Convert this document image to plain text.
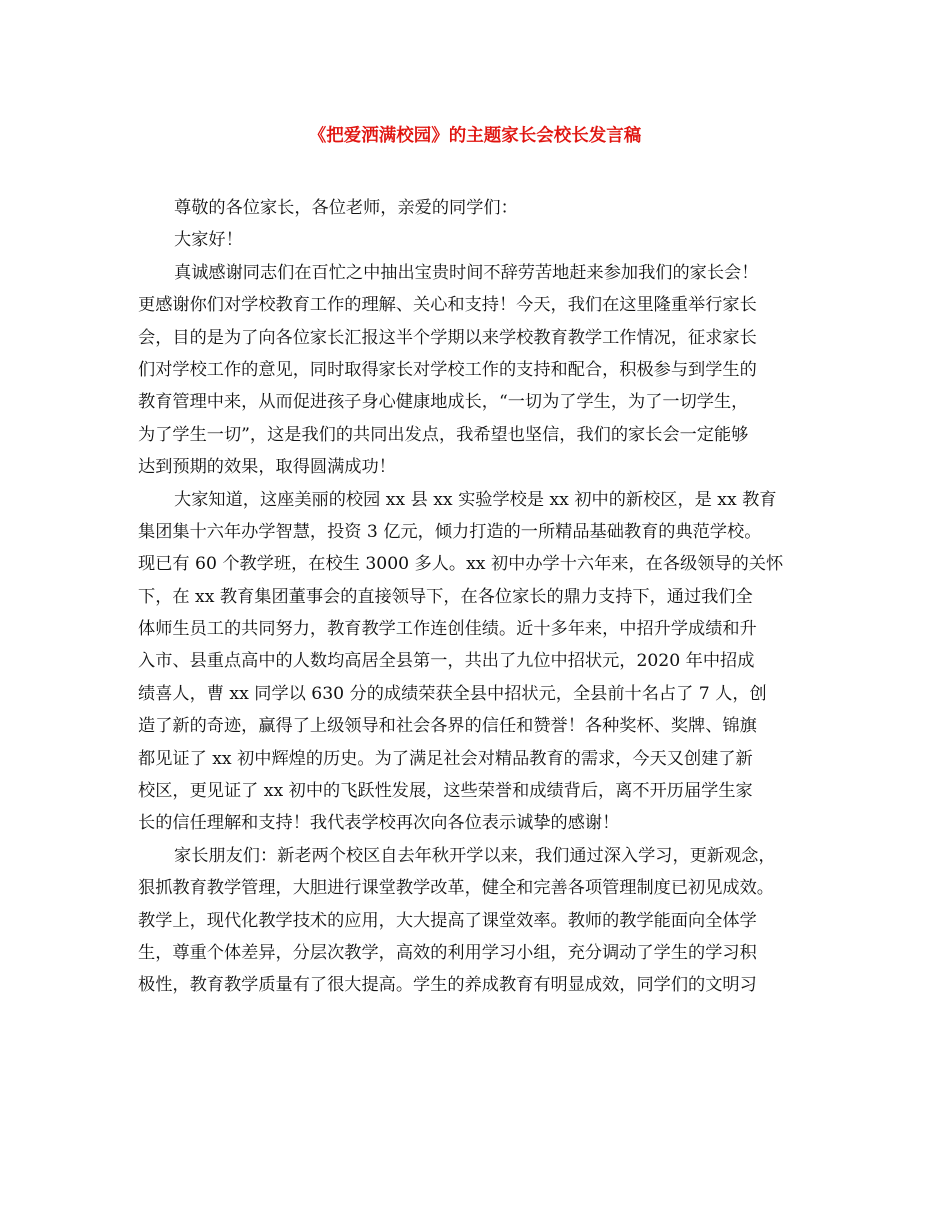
《把爱洒满校园》的主题家长会校长发言稿
尊敬的各位家长，各位老师，亲爱的同学们：
大家好！
真诚感谢同志们在百忙之中抽出宝贵时间不辞劳苦地赶来参加我们的家长会！
更感谢你们对学校教育工作的理解、关心和支持！今天，我们在这里隆重举行家长
会，目的是为了向各位家长汇报这半个学期以来学校教育教学工作情况，征求家长
们对学校工作的意见，同时取得家长对学校工作的支持和配合，积极参与到学生的
教育管理中来，从而促进孩子身心健康地成长，“一切为了学生，为了一切学生，
为了学生一切”，这是我们的共同出发点，我希望也坚信，我们的家长会一定能够
达到预期的效果，取得圆满成功！
大家知道，这座美丽的校园 xx 县 xx 实验学校是 xx 初中的新校区，是 xx 教育
集团集十六年办学智慧，投资 3 亿元，倾力打造的一所精品基础教育的典范学校。
现已有 60 个教学班，在校生 3000 多人。xx 初中办学十六年来，在各级领导的关怀
下，在 xx 教育集团董事会的直接领导下，在各位家长的鼎力支持下，通过我们全
体师生员工的共同努力，教育教学工作连创佳绩。近十多年来，中招升学成绩和升
入市、县重点高中的人数均高居全县第一，共出了九位中招状元，2020 年中招成
绩喜人，曹 xx 同学以 630 分的成绩荣获全县中招状元，全县前十名占了 7 人，创
造了新的奇迹，赢得了上级领导和社会各界的信任和赞誉！各种奖杯、奖牌、锦旗
都见证了 xx 初中辉煌的历史。为了满足社会对精品教育的需求，今天又创建了新
校区，更见证了 xx 初中的飞跃性发展，这些荣誉和成绩背后，离不开历届学生家
长的信任理解和支持！我代表学校再次向各位表示诚挚的感谢！
家长朋友们：新老两个校区自去年秋开学以来，我们通过深入学习，更新观念，
狠抓教育教学管理，大胆进行课堂教学改革，健全和完善各项管理制度已初见成效。
教学上，现代化教学技术的应用，大大提高了课堂效率。教师的教学能面向全体学
生，尊重个体差异，分层次教学，高效的利用学习小组，充分调动了学生的学习积
极性，教育教学质量有了很大提高。学生的养成教育有明显成效，同学们的文明习
